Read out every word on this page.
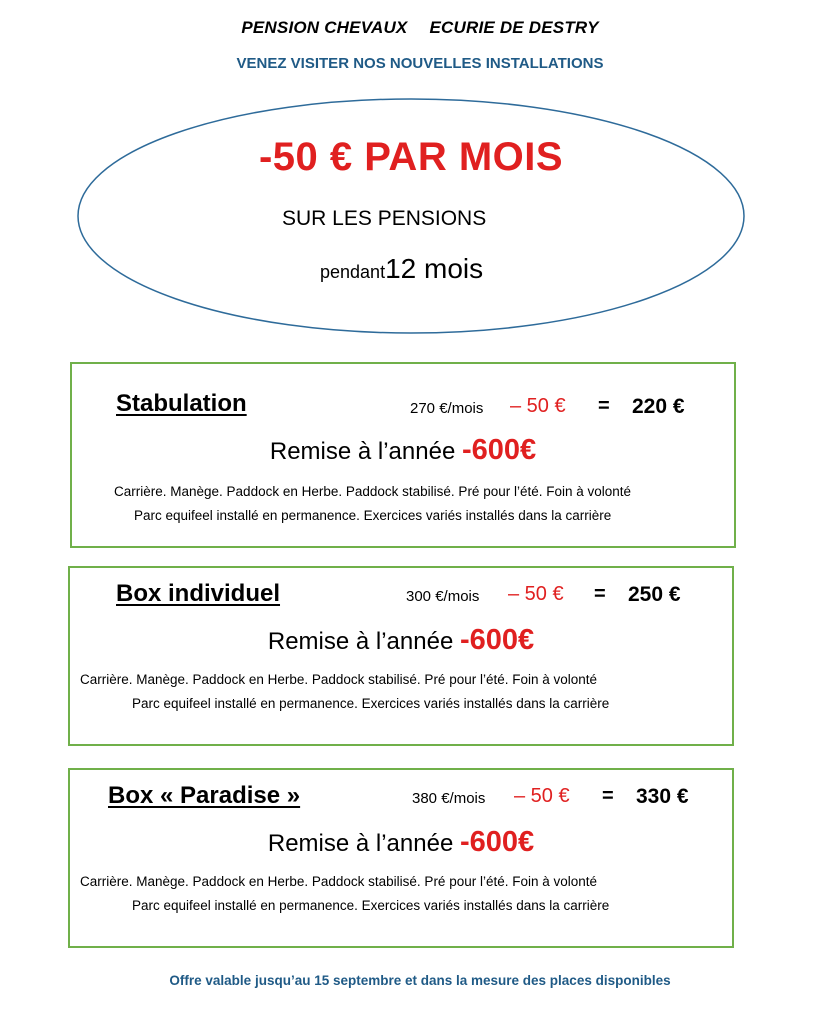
PENSION CHEVAUX ECURIE DE DESTRY
VENEZ VISITER NOS NOUVELLES INSTALLATIONS
-50 € PAR MOIS
SUR LES PENSIONS
pendant12 mois
Stabulation	270 €/mois – 50 € = 220 €
Remise à l’année -600€
Carrière. Manège. Paddock en Herbe. Paddock stabilisé. Pré pour l’été. Foin à volonté
Parc equifeel installé en permanence. Exercices variés installés dans la carrière
Box individuel	300 €/mois – 50 € = 250 €
Remise à l’année -600€
Carrière. Manège. Paddock en Herbe. Paddock stabilisé. Pré pour l’été. Foin à volonté
Parc equifeel installé en permanence. Exercices variés installés dans la carrière
Box « Paradise »	380 €/mois – 50 € = 330 €
Remise à l’année -600€
Carrière. Manège. Paddock en Herbe. Paddock stabilisé. Pré pour l’été. Foin à volonté
Parc equifeel installé en permanence. Exercices variés installés dans la carrière
Offre valable jusqu’au 15 septembre et dans la mesure des places disponibles
